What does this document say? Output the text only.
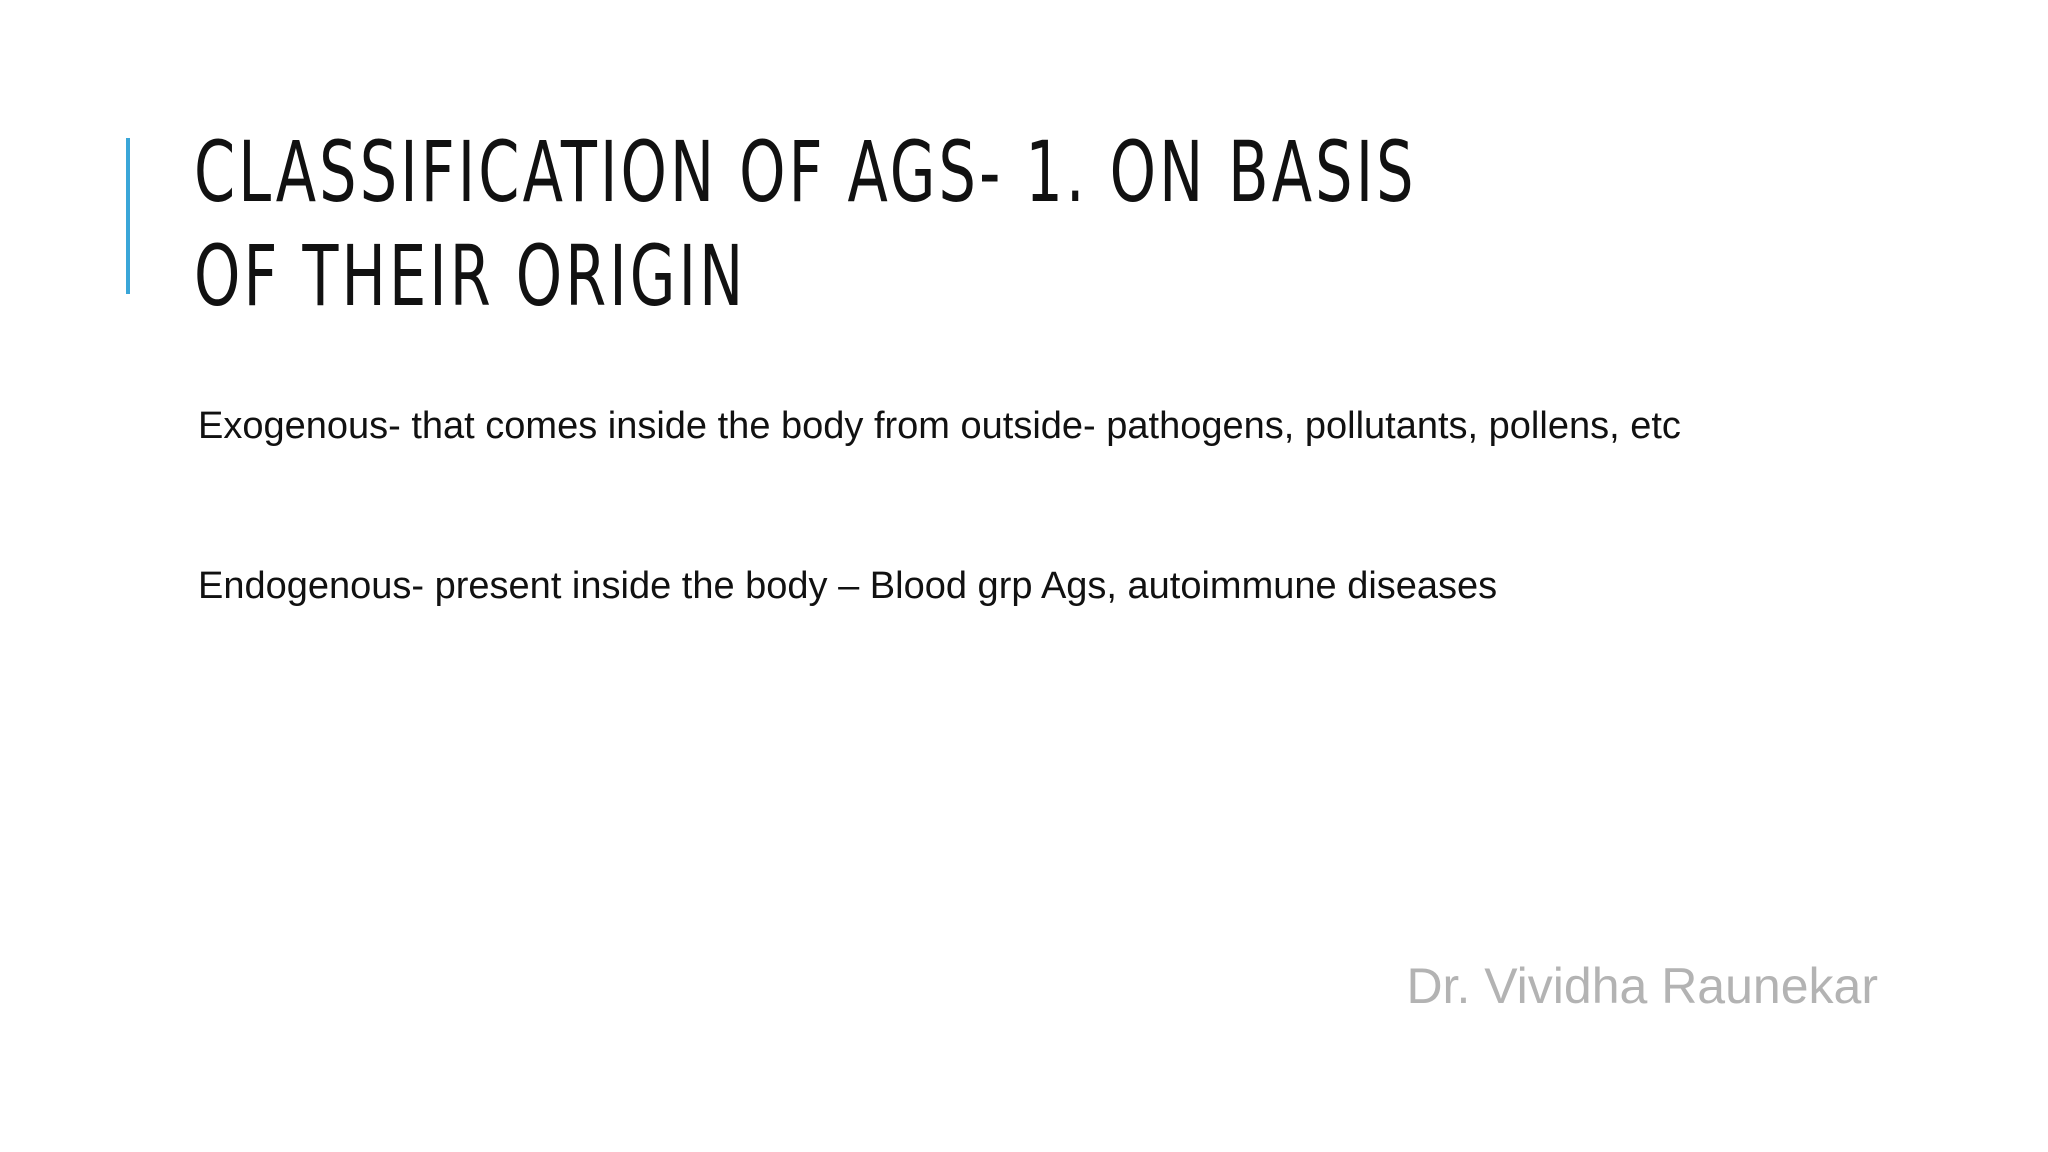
CLASSIFICATION OF AGS- 1. ON BASIS OF THEIR ORIGIN

Exogenous- that comes inside the body from outside- pathogens, pollutants, pollens, etc

Endogenous- present inside the body – Blood grp Ags, autoimmune diseases

Dr. Vividha Raunekar
